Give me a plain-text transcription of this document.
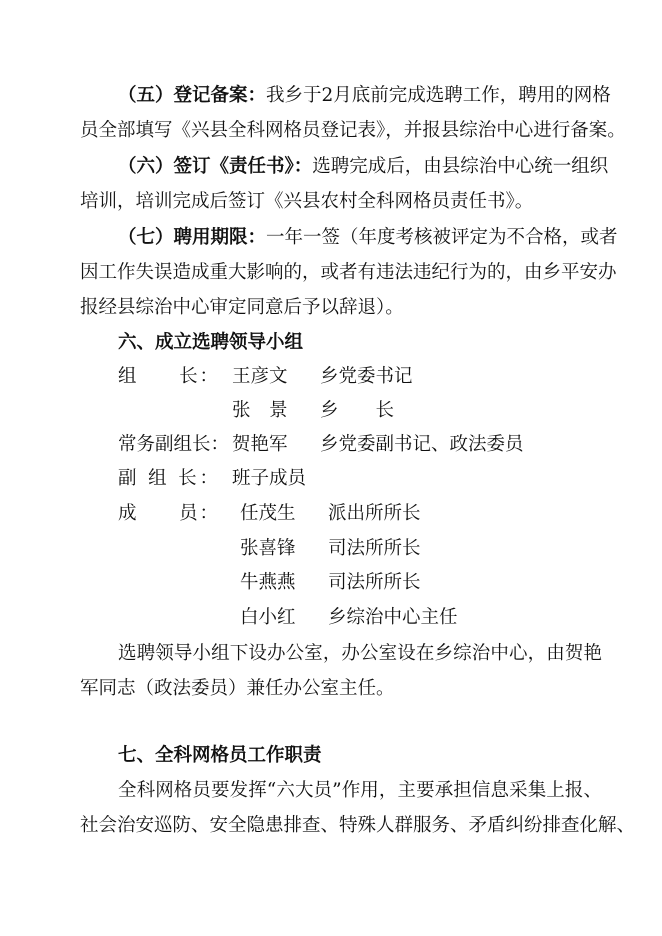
（五）登记备案：我乡于2月底前完成选聘工作，聘用的网格
员全部填写《兴县全科网格员登记表》，并报县综治中心进行备案。
（六）签订《责任书》：选聘完成后，由县综治中心统一组织
培训，培训完成后签订《兴县农村全科网格员责任书》。
（七）聘用期限：一年一签（年度考核被评定为不合格，或者
因工作失误造成重大影响的，或者有违法违纪行为的，由乡平安办
报经县综治中心审定同意后予以辞退）。
六、成立选聘领导小组
组　　长： 王彦文 乡党委书记
张　景 乡　　长
常务副组长： 贺艳军 乡党委副书记、政法委员
副 组 长： 班子成员
成　　员： 任茂生 派出所所长
张喜锋 司法所所长
牛燕燕 司法所所长
白小红 乡综治中心主任
选聘领导小组下设办公室，办公室设在乡综治中心，由贺艳
军同志（政法委员）兼任办公室主任。
七、全科网格员工作职责
全科网格员要发挥“六大员”作用，主要承担信息采集上报、
社会治安巡防、安全隐患排查、特殊人群服务、矛盾纠纷排查化解、
